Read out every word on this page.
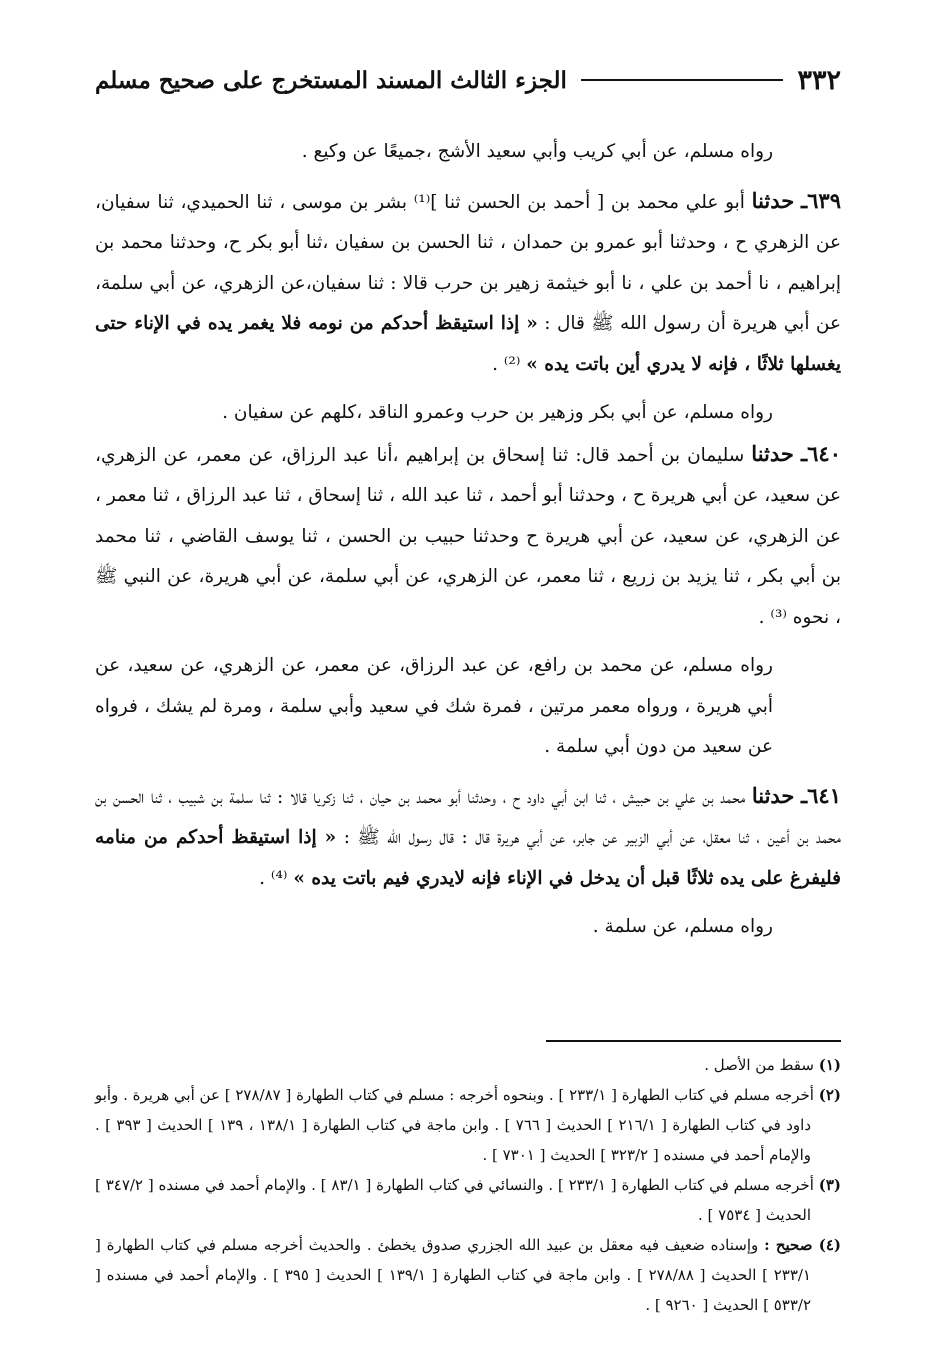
٣٣٢
الجزء الثالث المسند المستخرج على صحيح مسلم

رواه مسلم، عن أبي كريب وأبي سعيد الأشج ،جميعًا عن وكيع .

٦٣٩ـ حدثنا أبو علي محمد بن [ أحمد بن الحسن ثنا ]⁽¹⁾ بشر بن موسى ، ثنا الحميدي، ثنا سفيان، عن الزهري ح ، وحدثنا أبو عمرو بن حمدان ، ثنا الحسن بن سفيان ،ثنا أبو بكر ح، وحدثنا محمد بن إبراهيم ، نا أحمد بن علي ، نا أبو خيثمة زهير بن حرب قالا : ثنا سفيان،عن الزهري، عن أبي سلمة، عن أبي هريرة أن رسول الله ﷺ قال : « إذا استيقظ أحدكم من نومه فلا يغمر يده في الإناء حتى يغسلها ثلاثًا ، فإنه لا يدري أين باتت يده » ⁽²⁾ .

رواه مسلم، عن أبي بكر وزهير بن حرب وعمرو الناقد ،كلهم عن سفيان .

٦٤٠ـ حدثنا سليمان بن أحمد قال: ثنا إسحاق بن إبراهيم ،أنا عبد الرزاق، عن معمر، عن الزهري، عن سعيد، عن أبي هريرة ح ، وحدثنا أبو أحمد ، ثنا عبد الله ، ثنا إسحاق ، ثنا عبد الرزاق ، ثنا معمر ، عن الزهري، عن سعيد، عن أبي هريرة ح وحدثنا حبيب بن الحسن ، ثنا يوسف القاضي ، ثنا محمد بن أبي بكر ، ثنا يزيد بن زريع ، ثنا معمر، عن الزهري، عن أبي سلمة، عن أبي هريرة، عن النبي ﷺ ، نحوه ⁽³⁾ .

رواه مسلم، عن محمد بن رافع، عن عبد الرزاق، عن معمر، عن الزهري، عن سعيد، عن أبي هريرة ، ورواه معمر مرتين ، فمرة شك في سعيد وأبي سلمة ، ومرة لم يشك ، فرواه عن سعيد من دون أبي سلمة .

٦٤١ـ حدثنا محمد بن علي بن حبيش ، ثنا ابن أبي داود ح ، وحدثنا أبو محمد بن حيان ، ثنا زكريا قالا : ثنا سلمة بن شبيب ، ثنا الحسن بن محمد بن أعين ، ثنا معقل، عن أبي الزبير عن جابر، عن أبي هريرة قال : قال رسول الله ﷺ : « إذا استيقظ أحدكم من منامه فليفرغ على يده ثلاثًا قبل أن يدخل في الإناء فإنه لايدري فيم باتت يده » ⁽⁴⁾ .

رواه مسلم، عن سلمة .

(١) سقط من الأصل .

(٢) أخرجه مسلم في كتاب الطهارة [ ٢٣٣/١ ] . وبنحوه أخرجه : مسلم في كتاب الطهارة [ ٢٧٨/٨٧ ] عن أبي هريرة . وأبو داود في كتاب الطهارة [ ٢١٦/١ ] الحديث [ ٧٦٦ ] . وابن ماجة في كتاب الطهارة [ ١٣٨/١ ، ١٣٩ ] الحديث [ ٣٩٣ ] . والإمام أحمد في مسنده [ ٣٢٣/٢ ] الحديث [ ٧٣٠١ ] .

(٣) أخرجه مسلم في كتاب الطهارة [ ٢٣٣/١ ] . والنسائي في كتاب الطهارة [ ٨٣/١ ] . والإمام أحمد في مسنده [ ٣٤٧/٢ ] الحديث [ ٧٥٣٤ ] .

(٤) صحيح : وإسناده ضعيف فيه معقل بن عبيد الله الجزري صدوق يخطئ . والحديث أخرجه مسلم في كتاب الطهارة [ ٢٣٣/١ ] الحديث [ ٢٧٨/٨٨ ] . وابن ماجة في كتاب الطهارة [ ١٣٩/١ ] الحديث [ ٣٩٥ ] . والإمام أحمد في مسنده [ ٥٣٣/٢ ] الحديث [ ٩٢٦٠ ] .
